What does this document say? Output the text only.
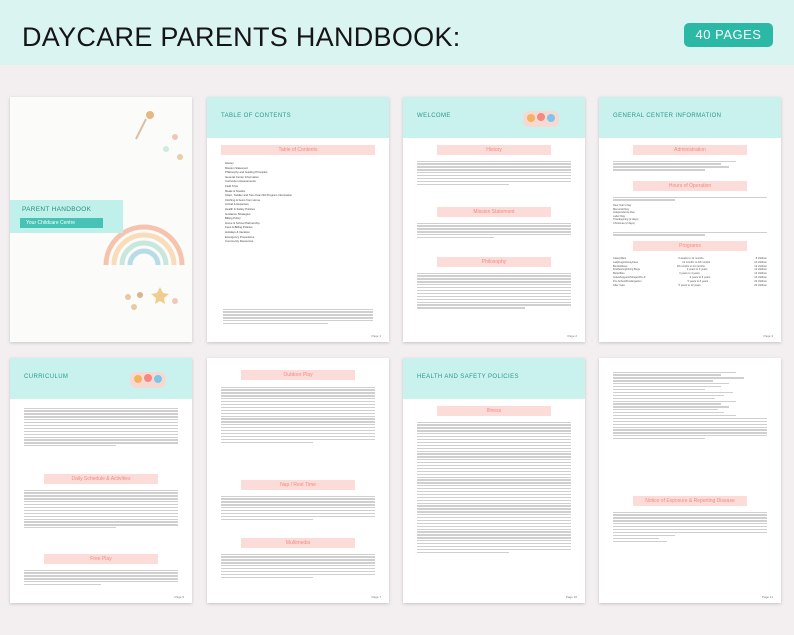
DAYCARE PARENTS HANDBOOK:	40 PAGES
PARENT HANDBOOK
Your Childcare Centre
TABLE OF CONTENTS
Table of Contents
History
Mission Statement
Philosophy and Guiding Principles
General Center Information
Curriculum Assessments
Field Trips
Meals & Snacks
Infant, Toddler and Two-Year-Old Program Information
Clothing & Items from Home
Arrival & Departure
Health & Safety Policies
Guidance Strategies
Billing Policy
Home & School Partnership
Fees & Billing Policies
Holidays & Vacation
Emergency Procedures
Community Resources
Page 1
WELCOME
History
Mission Statement
Philosophy
Page 2
GENERAL CENTER INFORMATION
Administration
Hours of Operation
New Year's Day
Memorial Day
Independence Day
Labor Day
Thanksgiving (2 days)
Christmas (2 days)
Programs
Caterpillars	6 weeks to 12 months	8 children
Ladybugs/Honeybees	12 months to 18 months	10 children
Bumblebees	18 months to 24 months	12 children
Fireflies/Lightning Bugs	2 years to 3 years	12 children
Butterflies	3 years to 4 years	14 children
Grasshoppers/Stinger/Pre-K	4 years to 5 years	16 children
Pre-School/Kindergarten	5 years to 6 years	20 children
After Care	5 years to 12 years	20 children
Page 3
CURRICULUM
Daily Schedule & Activities
Free Play
Page 5
Outdoor Play
Nap / Rest Time
Multimedia
Page 7
HEALTH AND SAFETY POLICIES
Illness
Page 10
Notice of Exposure & Reporting Disease
Page 11
